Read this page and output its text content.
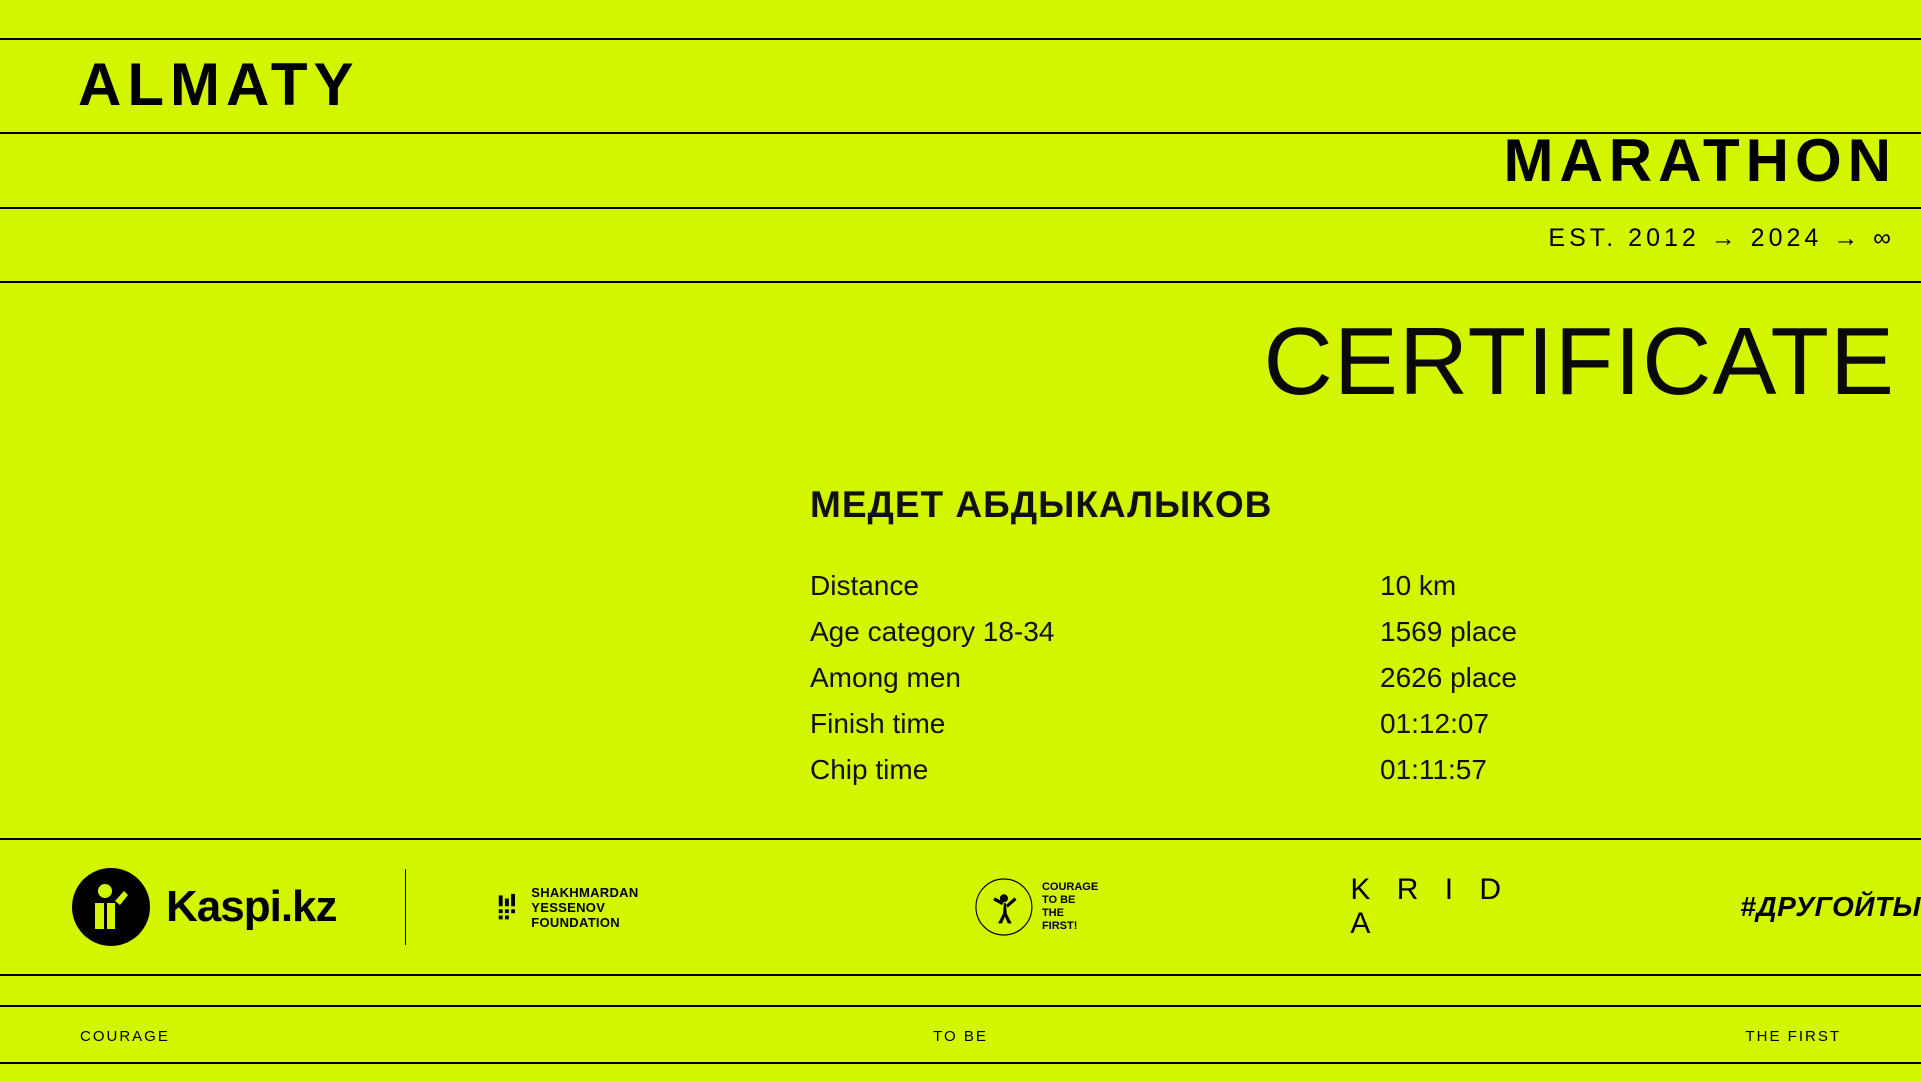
ALMATY
MARATHON
EST. 2012 → 2024 → ∞
CERTIFICATE
МЕДЕТ АБДЫКАЛЫКОВ
Distance	10 km
Age category 18-34	1569 place
Among men	2626 place
Finish time	01:12:07
Chip time	01:11:57
Kaspi.kz	SHAKHMARDAN YESSENOV
FOUNDATION
COURAGE
TO BE
THE FIRST!
K R I D A
#ДРУГОЙТЫ
COURAGE	TO BE	THE FIRST
